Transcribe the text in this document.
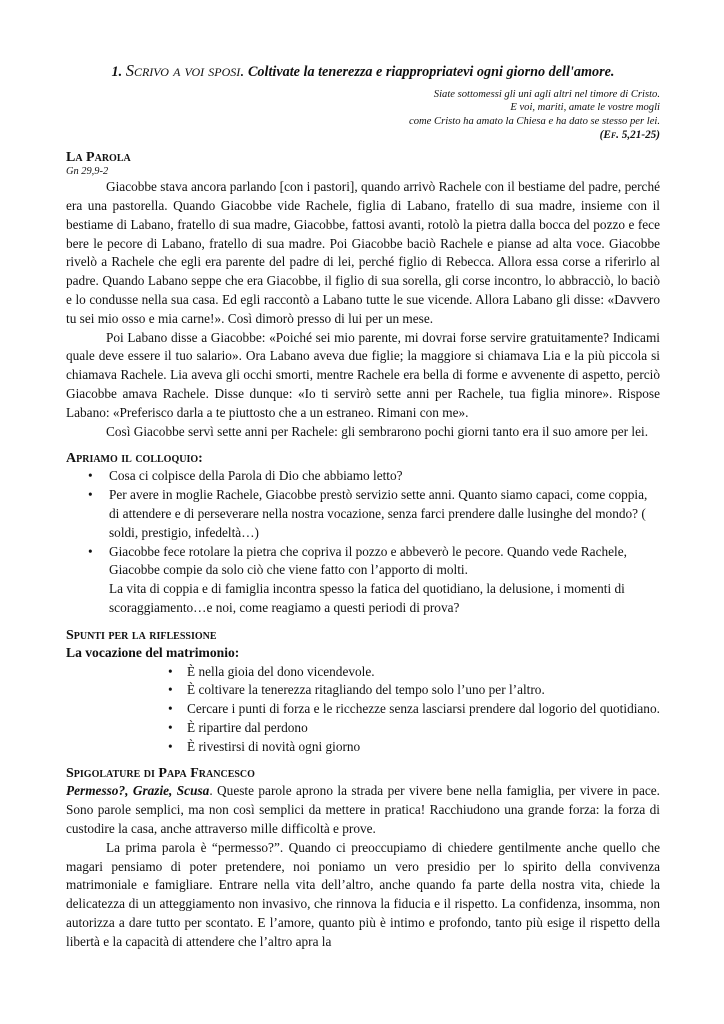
1. Scrivo a voi sposi. Coltivate la tenerezza e riappropriatevi ogni giorno dell'amore.
Siate sottomessi gli uni agli altri nel timore di Cristo.
E voi, mariti, amate le vostre mogli
come Cristo ha amato la Chiesa e ha dato se stesso per lei.
(Ef. 5,21-25)
La Parola
Gn 29,9-2

Giacobbe stava ancora parlando [con i pastori], quando arrivò Rachele con il bestiame del padre, perché era una pastorella. Quando Giacobbe vide Rachele, figlia di Labano, fratello di sua madre, insieme con il bestiame di Labano, fratello di sua madre, Giacobbe, fattosi avanti, rotolò la pietra dalla bocca del pozzo e fece bere le pecore di Labano, fratello di sua madre. Poi Giacobbe baciò Rachele e pianse ad alta voce. Giacobbe rivelò a Rachele che egli era parente del padre di lei, perché figlio di Rebecca. Allora essa corse a riferirlo al padre. Quando Labano seppe che era Giacobbe, il figlio di sua sorella, gli corse incontro, lo abbracciò, lo baciò e lo condusse nella sua casa. Ed egli raccontò a Labano tutte le sue vicende. Allora Labano gli disse: «Davvero tu sei mio osso e mia carne!». Così dimorò presso di lui per un mese.

Poi Labano disse a Giacobbe: «Poiché sei mio parente, mi dovrai forse servire gratuitamente? Indicami quale deve essere il tuo salario». Ora Labano aveva due figlie; la maggiore si chiamava Lia e la più piccola si chiamava Rachele. Lia aveva gli occhi smorti, mentre Rachele era bella di forme e avvenente di aspetto, perciò Giacobbe amava Rachele. Disse dunque: «Io ti servirò sette anni per Rachele, tua figlia minore». Rispose Labano: «Preferisco darla a te piuttosto che a un estraneo. Rimani con me».

Così Giacobbe servì sette anni per Rachele: gli sembrarono pochi giorni tanto era il suo amore per lei.

Apriamo il colloquio:
• Cosa ci colpisce della Parola di Dio che abbiamo letto?
• Per avere in moglie Rachele, Giacobbe prestò servizio sette anni. Quanto siamo capaci, come coppia, di attendere e di perseverare nella nostra vocazione, senza farci prendere dalle lusinghe del mondo? ( soldi, prestigio, infedeltà…)
• Giacobbe fece rotolare la pietra che copriva il pozzo e abbeverò le pecore. Quando vede Rachele, Giacobbe compie da solo ciò che viene fatto con l’apporto di molti.
La vita di coppia e di famiglia incontra spesso la fatica del quotidiano, la delusione, i momenti di scoraggiamento…e noi, come reagiamo a questi periodi di prova?
Spunti per la riflessione
La vocazione del matrimonio:
• È nella gioia del dono vicendevole.
• È coltivare la tenerezza ritagliando del tempo solo l’uno per l’altro.
• Cercare i punti di forza e le ricchezze senza lasciarsi prendere dal logorio del quotidiano.
• È ripartire dal perdono
• È rivestirsi di novità ogni giorno
Spigolature di Papa Francesco

Permesso?, Grazie, Scusa. Queste parole aprono la strada per vivere bene nella famiglia, per vivere in pace. Sono parole semplici, ma non così semplici da mettere in pratica! Racchiudono una grande forza: la forza di custodire la casa, anche attraverso mille difficoltà e prove.

La prima parola è “permesso?”. Quando ci preoccupiamo di chiedere gentilmente anche quello che magari pensiamo di poter pretendere, noi poniamo un vero presidio per lo spirito della convivenza matrimoniale e famigliare. Entrare nella vita dell’altro, anche quando fa parte della nostra vita, chiede la delicatezza di un atteggiamento non invasivo, che rinnova la fiducia e il rispetto. La confidenza, insomma, non autorizza a dare tutto per scontato. E l’amore, quanto più è intimo e profondo, tanto più esige il rispetto della libertà e la capacità di attendere che l’altro apra la
